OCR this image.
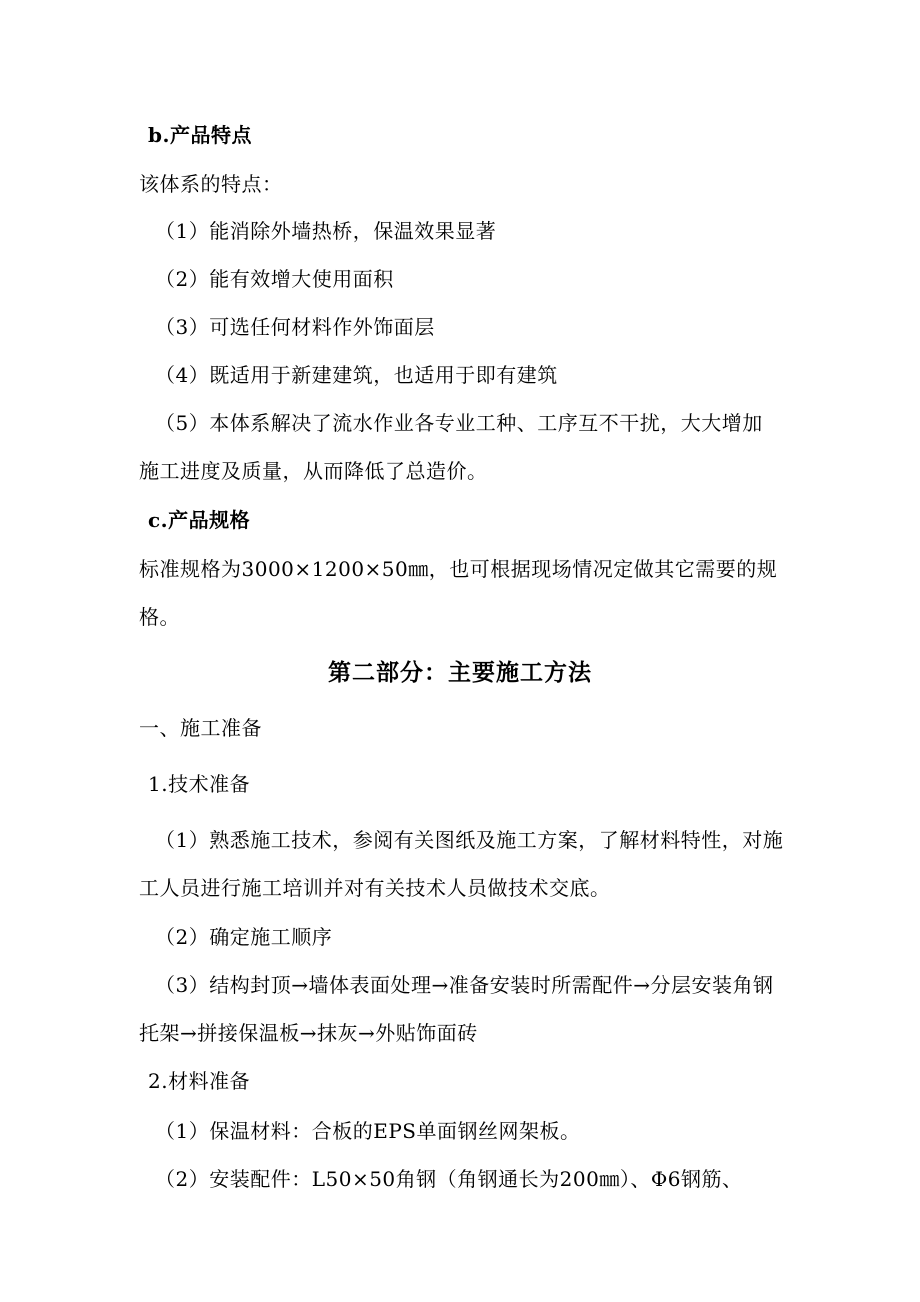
b.产品特点
该体系的特点：
（1）能消除外墙热桥，保温效果显著
（2）能有效增大使用面积
（3）可选任何材料作外饰面层
（4）既适用于新建建筑，也适用于即有建筑
（5）本体系解决了流水作业各专业工种、工序互不干扰，大大增加
施工进度及质量，从而降低了总造价。
c.产品规格
标准规格为3000×1200×50㎜，也可根据现场情况定做其它需要的规
格。
第二部分：主要施工方法
一、施工准备
1.技术准备
（1）熟悉施工技术，参阅有关图纸及施工方案，了解材料特性，对施
工人员进行施工培训并对有关技术人员做技术交底。
（2）确定施工顺序
（3）结构封顶→墙体表面处理→准备安装时所需配件→分层安装角钢
托架→拼接保温板→抹灰→外贴饰面砖
2.材料准备
（1）保温材料：合板的EPS单面钢丝网架板。
（2）安装配件：L50×50角钢（角钢通长为200㎜）、Φ6钢筋、
